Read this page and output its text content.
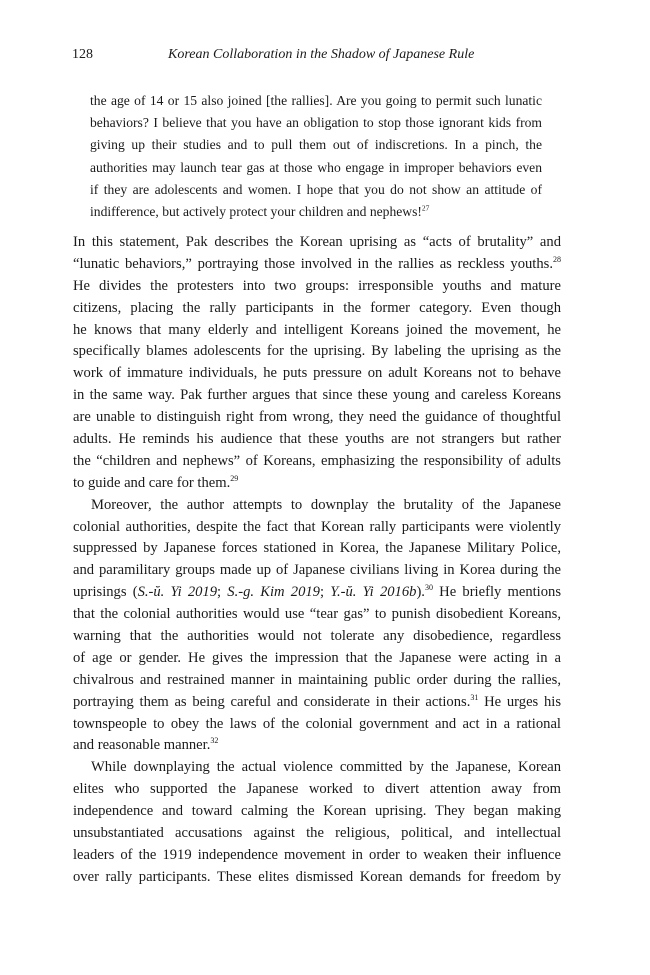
128	Korean Collaboration in the Shadow of Japanese Rule
the age of 14 or 15 also joined [the rallies]. Are you going to permit such lunatic
behaviors? I believe that you have an obligation to stop those ignorant kids from
giving up their studies and to pull them out of indiscretions. In a pinch, the
authorities may launch tear gas at those who engage in improper behaviors even
if they are adolescents and women. I hope that you do not show an attitude of
indifference, but actively protect your children and nephews!$^{27}$
In this statement, Pak describes the Korean uprising as “acts of brutality” and
“lunatic behaviors,” portraying those involved in the rallies as reckless youths.$^{28}$
He divides the protesters into two groups: irresponsible youths and mature
citizens, placing the rally participants in the former category. Even though
he knows that many elderly and intelligent Koreans joined the movement, he
specifically blames adolescents for the uprising. By labeling the uprising as the
work of immature individuals, he puts pressure on adult Koreans not to behave
in the same way. Pak further argues that since these young and careless Koreans
are unable to distinguish right from wrong, they need the guidance of thoughtful
adults. He reminds his audience that these youths are not strangers but rather
the “children and nephews” of Koreans, emphasizing the responsibility of adults
to guide and care for them.$^{29}$
Moreover, the author attempts to downplay the brutality of the Japanese
colonial authorities, despite the fact that Korean rally participants were violently
suppressed by Japanese forces stationed in Korea, the Japanese Military Police,
and paramilitary groups made up of Japanese civilians living in Korea during the
uprisings (S.-ŭ. Yi 2019; S.-g. Kim 2019; Y.-ŭ. Yi 2016b).$^{30}$ He briefly mentions
that the colonial authorities would use “tear gas” to punish disobedient Koreans,
warning that the authorities would not tolerate any disobedience, regardless
of age or gender. He gives the impression that the Japanese were acting in a
chivalrous and restrained manner in maintaining public order during the rallies,
portraying them as being careful and considerate in their actions.$^{31}$ He urges his
townspeople to obey the laws of the colonial government and act in a rational
and reasonable manner.$^{32}$
While downplaying the actual violence committed by the Japanese, Korean
elites who supported the Japanese worked to divert attention away from
independence and toward calming the Korean uprising. They began making
unsubstantiated accusations against the religious, political, and intellectual
leaders of the 1919 independence movement in order to weaken their influence
over rally participants. These elites dismissed Korean demands for freedom by
